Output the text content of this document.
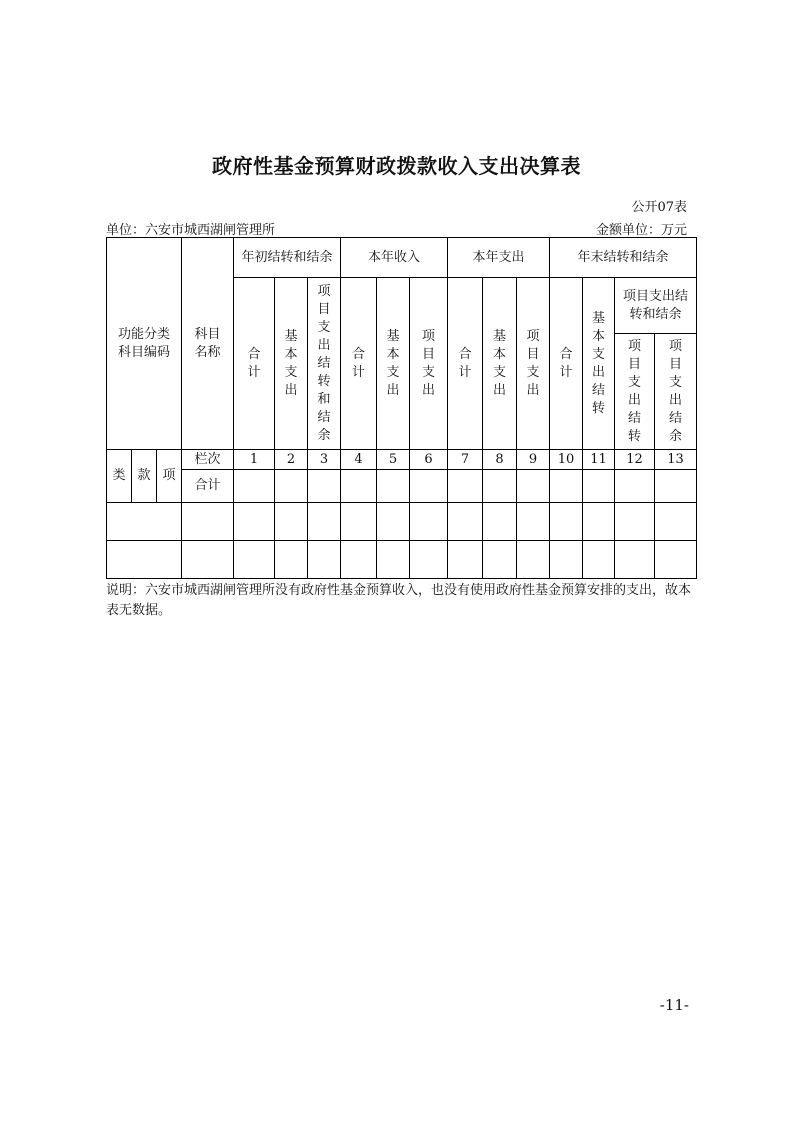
政府性基金预算财政拨款收入支出决算表
公开07表
单位：六安市城西湖闸管理所	金额单位：万元
功能分类科目编码			科目名称	年初结转和结余			本年收入			本年支出			年末结转和结余			
				合计	基本支出	项目支出结转和结余	合计	基本支出	项目支出	合计	基本支出	项目支出	合计	基本支出结转	项目支出结转和结余	
															项目支出结转	项目支出结余
类	款	项	栏次	1	2	3	4	5	6	7	8	9	10	11	12	13
			合计													

说明：六安市城西湖闸管理所没有政府性基金预算收入，也没有使用政府性基金预算安排的支出，故本表无数据。
-11-
